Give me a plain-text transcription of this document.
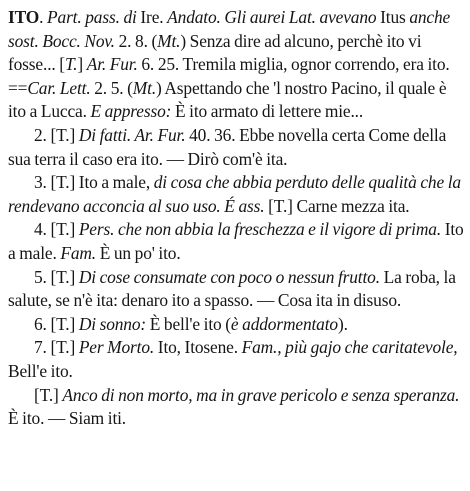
ITO. Part. pass. di Ire. Andato. Gli aurei Lat. avevano Itus anche sost. Bocc. Nov. 2. 8. (Mt.) Senza dire ad alcuno, perchè ito vi fosse... [T.] Ar. Fur. 6. 25. Tremila miglia, ognor correndo, era ito. ==Car. Lett. 2. 5. (Mt.) Aspettando che 'l nostro Pacino, il quale è ito a Lucca. E appresso: È ito armato di lettere mie...

2. [T.] Di fatti. Ar. Fur. 40. 36. Ebbe novella certa Come della sua terra il caso era ito. — Dirò com'è ita.

3. [T.] Ito a male, di cosa che abbia perduto delle qualità che la rendevano acconcia al suo uso. É ass. [T.] Carne mezza ita.

4. [T.] Pers. che non abbia la freschezza e il vigore di prima. Ito a male. Fam. È un po' ito.

5. [T.] Di cose consumate con poco o nessun frutto. La roba, la salute, se n'è ita: denaro ito a spasso. — Cosa ita in disuso.

6. [T.] Di sonno: È bell'e ito (è addormentato).

7. [T.] Per Morto. Ito, Itosene. Fam., più gajo che caritatevole, Bell'e ito.

[T.] Anco di non morto, ma in grave pericolo e senza speranza. È ito. — Siam iti.
